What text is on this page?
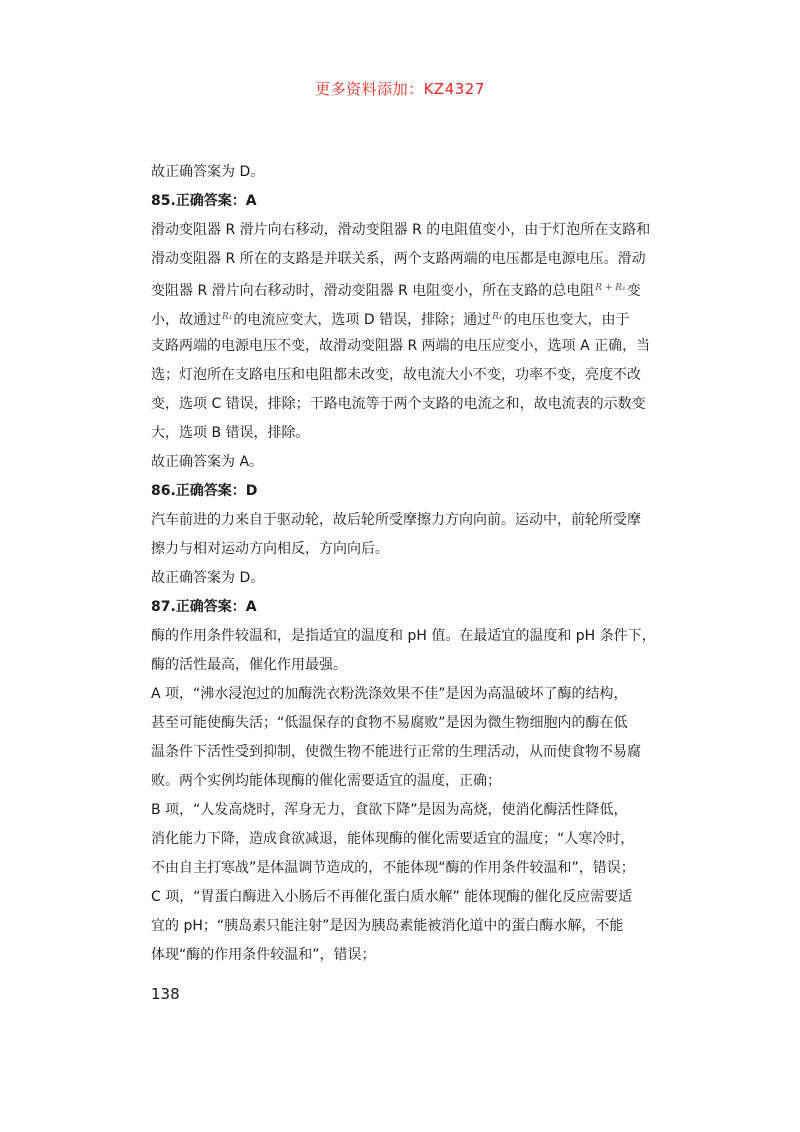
更多资料添加：KZ4327
故正确答案为 D。
85.正确答案：A
滑动变阻器 R 滑片向右移动，滑动变阻器 R 的电阻值变小，由于灯泡所在支路和
滑动变阻器 R 所在的支路是并联关系，两个支路两端的电压都是电源电压。滑动
变阻器 R 滑片向右移动时，滑动变阻器 R 电阻变小，所在支路的总电阻$^{R + R_1}$变
小，故通过$^{R_1}$的电流应变大，选项 D 错误，排除；通过$^{R_1}$的电压也变大，由于
支路两端的电源电压不变，故滑动变阻器 R 两端的电压应变小，选项 A 正确，当
选；灯泡所在支路电压和电阻都未改变，故电流大小不变，功率不变，亮度不改
变，选项 C 错误，排除；干路电流等于两个支路的电流之和，故电流表的示数变
大，选项 B 错误，排除。
故正确答案为 A。
86.正确答案：D
汽车前进的力来自于驱动轮，故后轮所受摩擦力方向向前。运动中，前轮所受摩
擦力与相对运动方向相反，方向向后。
故正确答案为 D。
87.正确答案：A
酶的作用条件较温和，是指适宜的温度和 pH 值。在最适宜的温度和 pH 条件下，
酶的活性最高，催化作用最强。
A 项，“沸水浸泡过的加酶洗衣粉洗涤效果不佳”是因为高温破坏了酶的结构，
甚至可能使酶失活；“低温保存的食物不易腐败”是因为微生物细胞内的酶在低
温条件下活性受到抑制，使微生物不能进行正常的生理活动，从而使食物不易腐
败。两个实例均能体现酶的催化需要适宜的温度，正确；
B 项，“人发高烧时，浑身无力，食欲下降”是因为高烧，使消化酶活性降低，
消化能力下降，造成食欲减退，能体现酶的催化需要适宜的温度；“人寒冷时，
不由自主打寒战”是体温调节造成的，不能体现“酶的作用条件较温和”，错误；
C 项，“胃蛋白酶进入小肠后不再催化蛋白质水解” 能体现酶的催化反应需要适
宜的 pH；“胰岛素只能注射”是因为胰岛素能被消化道中的蛋白酶水解，不能
体现“酶的作用条件较温和”，错误；
138
